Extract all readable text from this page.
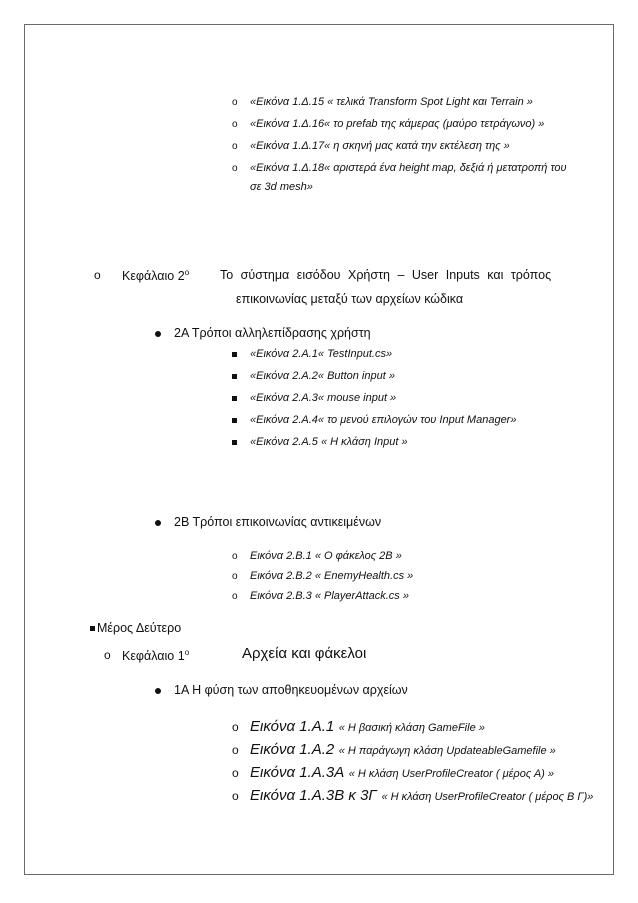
o «Εικόνα 1.Δ.15 « τελικά Transform Spot Light και Terrain »
o «Εικόνα 1.Δ.16« το prefab της κάμερας (μαύρο τετράγωνο) »
o «Εικόνα 1.Δ.17« η σκηνή μας κατά την εκτέλεση της »
o «Εικόνα 1.Δ.18« αριστερά ένα height map, δεξιά ή μετατροπή του
σε 3d mesh»
o Κεφάλαιο $2^o$ Το σύστημα εισόδου Χρήστη – User Inputs και τρόπος
επικοινωνίας μεταξύ των αρχείων κώδικα
2Α Τρόποι αλληλεπίδρασης χρήστη
«Εικόνα 2.Α.1« TestInput.cs»
«Εικόνα 2.Α.2« Button input »
«Εικόνα 2.Α.3« mouse input »
«Εικόνα 2.Α.4« το μενού επιλογών του Input Manager»
«Εικόνα 2.Α.5 « Η κλάση Input »
2Β Τρόποι επικοινωνίας αντικειμένων
o Εικόνα 2.Β.1 « Ο φάκελος 2Β »
o Εικόνα 2.Β.2 « EnemyHealth.cs »
o Εικόνα 2.Β.3 « PlayerAttack.cs »
Μέρος Δεύτερο
o Κεφάλαιο $1^o$	Αρχεία και φάκελοι
1Α Η φύση των αποθηκευομένων αρχείων
o Εικόνα 1.Α.1 « Η βασική κλάση GameFile »
o Εικόνα 1.Α.2 « Η παράγωγη κλάση UpdateableGamefile »
o Εικόνα 1.Α.3Α « Η κλάση UserProfileCreator ( μέρος Α) »
o Εικόνα 1.Α.3Β κ 3Γ « Η κλάση UserProfileCreator ( μέρος Β Γ)»
